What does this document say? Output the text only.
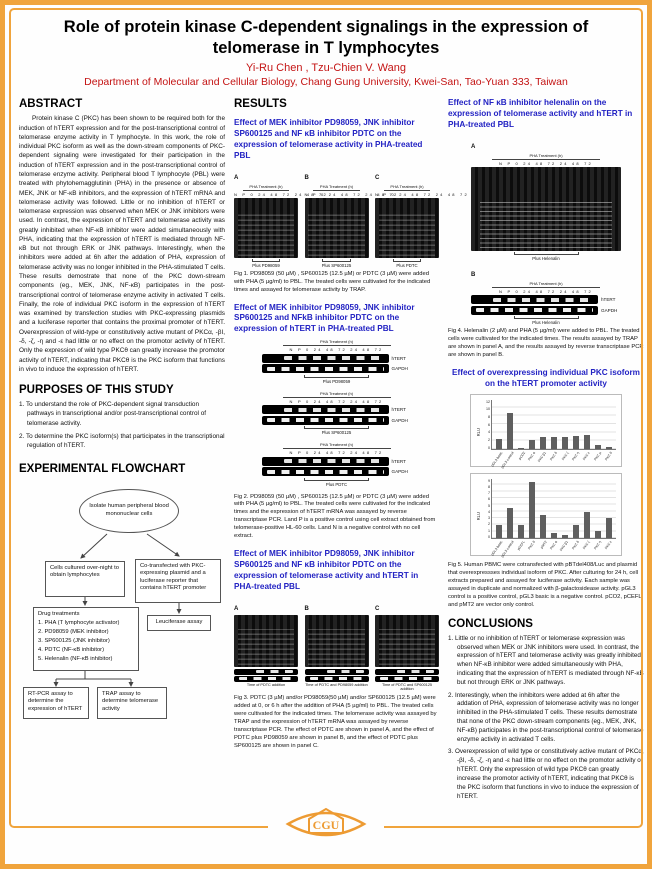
Role of protein kinase C-dependent signalings in the expression of telomerase in T lymphocytes
Yi-Ru Chen , Tzu-Chien V. Wang
Department of Molecular and Cellular Biology, Chang Gung University, Kwei-San, Tao-Yuan 333, Taiwan
ABSTRACT

Protein kinase C (PKC) has been shown to be required both for the induction of hTERT expression and for the post-transcriptional control of telomerase enzyme activity in T lymphocyte. In this work, the role of individual PKC isoform as well as the down-stream components of PKC-dependent signaling were investigated for their participation in the induction of hTERT expression and in the post-transcriptional control of telomerase enzyme activity. Peripheral blood T lymphocyte (PBL) were treated with phytohemagglutinin (PHA) in the presence or absence of MEK, JNK or NF-κB inhibitors, and the expression of hTERT mRNA and telomerase activity was followed. Little or no inhibition of hTERT or telomerase expression was observed when MEK or JNK inhibitors were used. In contrast, the expression of hTERT and telomerase activity was greatly inhibited when NF-κB inhibitor were added simultaneously with PHA, indicating that the expression of hTERT is mediated through NF-κB but not through ERK or JNK pathways. Interestingly, when the inhibitors were added at 6h after the addation of PHA, expression of telomerase activity was no longer inhibited in the PHA-stimulated T cells. These results demostrate that none of the PKC down-stream components (eg., MEK, JNK, NF-κB) participates in the post-transcriptional control of telomerase enzyme activity in activated T cells. Finally, the role of individual PKC isoform in the expression of hTERT was examined by transfection studies with PKC-expressing plasmids and a luciferase reporter that contains the proximal promoter of hTERT. Overexpression of wild-type or constitutively active mutant of PKCα, -βI, -δ, -ζ, -η and -ε had little or no effect on the promotor activity of hTERT. Only the expression of wild type PKCθ can greatly increase the promotor activity of hTERT, indicating that PKCθ is the PKC isoform that functions in vivo to induce the expression of hTERT.

PURPOSES OF THIS STUDY

1. To understand the role of PKC-dependent signal transduction pathways in transcriptional and/or post-transcriptional control of telomerase activity.

2. To determine the PKC isoform(s) that participates in the transcriptional regulation of hTERT.

EXPERIMENTAL FLOWCHART
Isolate human peripheral blood mononuclear cells
Cells cultured over-night to obtain lymphocytes
Co-transfected with PKC-expressing plasmid and a luciferase reporter that contains hTERT promoter
Drug treatments
1. PHA (T lymphocyte activator)
2. PD98059 (MEK inhibitor)
3. SP600125 (JNK inhibitor)
4. PDTC (NF-κB inhibitor)
5. Helenalin (NF-κB inhibitor)
Leuciferase assay
RT-PCR assay to determine the expression of hTERT
TRAP assay to determine telomerase activity
RESULTS
Effect of MEK inhibitor PD98059, JNK inhibitor SP600125 and NF κB inhibitor PDTC on the expression of telomerase activity in PHA-treated PBL
A
PHA Treatment (h)
N P 0 24 48 72 24 48 72
Plus PD98059
B
PHA Treatment (h)
N P 0 24 48 72 24 48 72
Plus SP600125
C
PHA Treatment (h)
N P 0 24 48 72 24 48 72
Plus PDTC

Fig 1. PD98059 (50 µM) , SP600125 (12.5 µM) or PDTC (3 µM) were added with PHA (5 µg/ml) to PBL. The treated cells were cultivated for the indicated times and assayed for telomerase activity by TRAP.

Effect of MEK inhibitor PD98059, JNK inhibitor SP600125 and NFkB inhibitor PDTC on the expression of hTERT in PHA-treated PBL
PHA Treatment (h)
N P 0 24 48 72 24 48 72
hTERT
GAPDH
Plus PD98059
PHA Treatment (h)
N P 0 24 48 72 24 48 72
hTERT
GAPDH
Plus SP600125
PHA Treatment (h)
N P 0 24 48 72 24 48 72
hTERT
GAPDH
Plus PDTC

Fig 2. PD98059 (50 µM) , SP600125 (12.5 µM) or PDTC (3 µM) were added with PHA (5 µg/ml) to PBL. The treated cells were cultivated for the indicated times and the expression of hTERT mRNA was assayed by reverse transcriptase PCR. Land P is a positive control using cell extract obtained from telomerase-positive HL-60 cells. Land N is a negative control with no cell extract.

Effect of MEK inhibitor PD98059, JNK inhibitor SP600125 and NF κB inhibitor PDTC on the expression of telomerase activity and hTERT in PHA-treated PBL
A
Time of PDTC addition
B
Time of PDTC and PD98059 addition
C
Time of PDTC and SP600125 addition

Fig 3. PDTC (3 µM) and/or PD98059(50 µM) and/or SP600125 (12.5 µM) were added at 0, or 6 h after the addition of PHA (5 µg/ml) to PBL. The treated cells were cultivated for the indicated times. The telomerase activity was assayed by TRAP and the expression of hTERT mRNA was assayed by reverse transcriptase PCR. The effect of PDTC are shown in panel A, and the effect of PDTC plus PD98059 are shown in panel B, and the effect of PDTC plus SP600125 are shown in panel C.

Effect of NF κB inhibitor helenalin on the expression of telomerase activity and hTERT in PHA-treated PBL
A
PHA Treatment (h)
N P 0 24 48 72 24 48 72
Plus Helenalin
B
PHA Treatment (h)
N P 0 24 48 72 24 48 72
hTERT
GAPDH
Plus Helenalin

Fig 4. Helenalin (2 µM) and PHA (5 µg/ml) were added to PBL. The treated cells were cultivated for the indicated times. The results assayed by TRAP are shown in panel A, and the results assayed by reverse transcriptase PCR are shown in panel B.

Effect of overexpressing individual PKC isoform on the hTERT promoter activity
RLU
12
10
8
6
4
2
0
pGL3 basic
pGL3 control pCO2 PKC α PKC β1 PKC δ PKC ζ PKC η PKC ε PKC µ PKC θ
RLU
9
8
7
6
5
4
3
2
1
0
pGL3 basic
pGL3 control pCEFL PKC θ pMT2 PKC α PKC β1 PKC δ PKC ζ PKC η PKC ε

Fig 5. Human PBMC were cotransfected with pBTdel408/Luc and plasmid that overexpressses individual isoform of PKC. After culturing for 24 h, cell extracts prepared and assayed for luciferase activity. Each sample was assayed in duplicate and normalized with β-galactosidease activity. pGL3 control is a positive control, pGL3 basic is a negative control. pCO2, pCEFL and pMT2 are vector only control.

CONCLUSIONS

1. Little or no inhibition of hTERT or telomerase expression was observed when MEK or JNK inhibitors were used. In contrast, the expression of hTERT and telomerase activity was greatly inhibited when NF-κB inhibitor were added simultaneously with PHA, indicating that the expression of hTERT is mediated through NF-κB but not through ERK or JNK pathways.

2. Interestingly, when the inhibitors were added at 6h after the addation of PHA, expression of telomerase activity was no longer inhibited in the PHA-stimulated T cells. These results demostrate that none of the PKC down-stream components (eg., MEK, JNK, NF-κB) participates in the post-transcriptional control of telomerase enzyme activity in activated T cells.

3. Overexpression of wild type or constitutively active mutant of PKCα, -βI, -δ, -ζ, -η and -ε had little or no effect on the promotor activity of hTERT. Only the expression of wild type PKCθ can greatly increase the promotor activity of hTERT, indicating that PKCθ is the PKC isoform that functions in vivo to induce the expression of hTERT.

CGU
